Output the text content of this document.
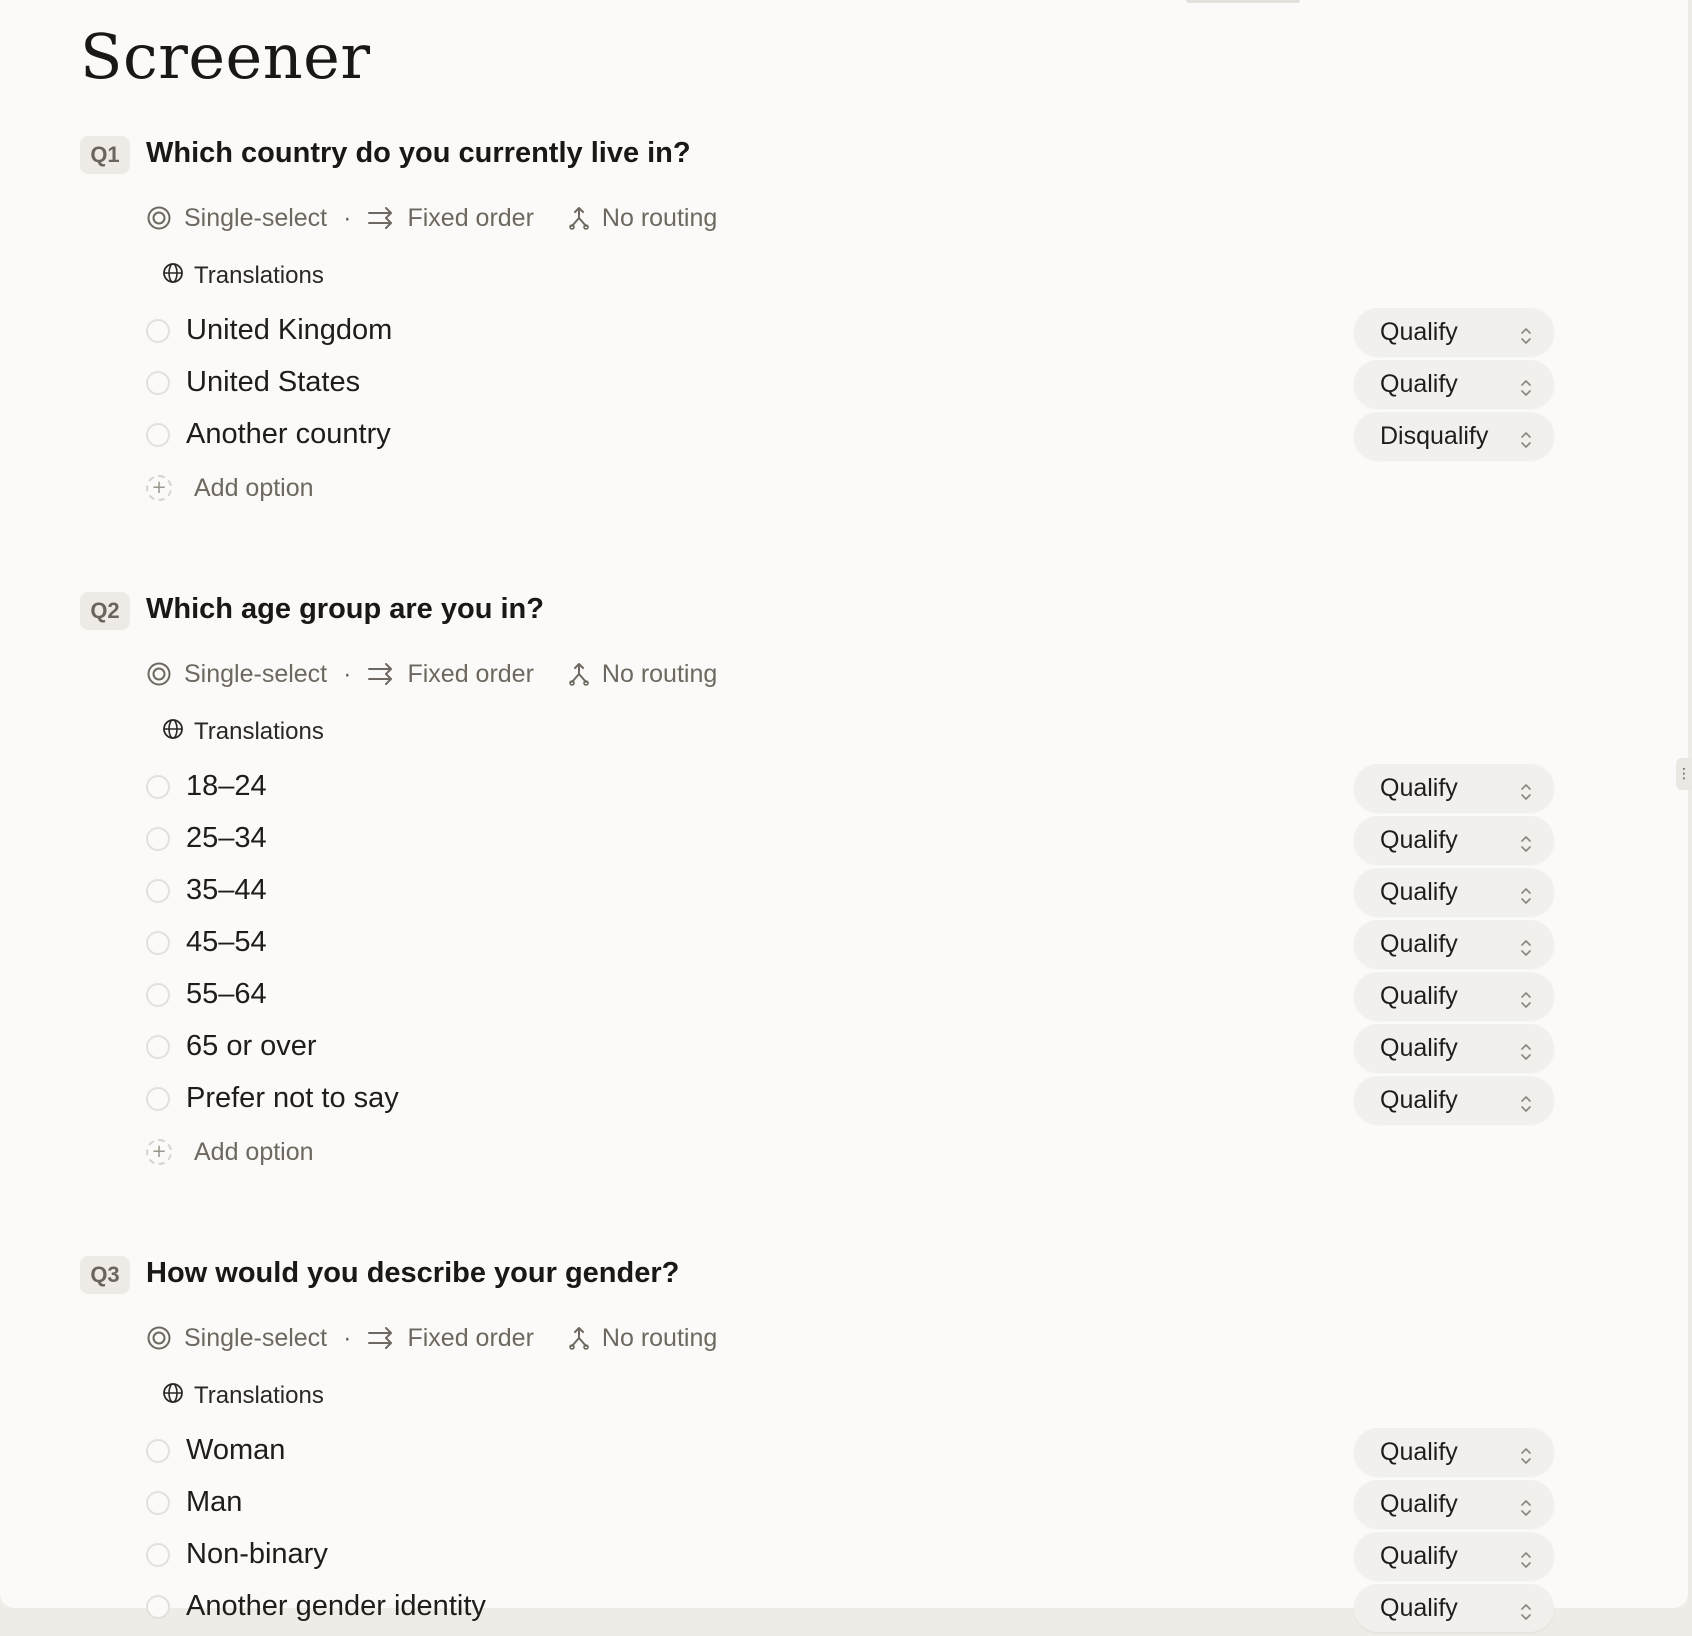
Screener
Q1 Which country do you currently live in?
Single-select · Fixed order	No routing
Translations
United Kingdom	Qualify
United States	Qualify
Another country	Disqualify
+ Add option
Q2 Which age group are you in?
Single-select · Fixed order	No routing
Translations
18–24	Qualify
25–34	Qualify
35–44	Qualify
45–54	Qualify
55–64	Qualify
65 or over	Qualify
Prefer not to say	Qualify
+ Add option
Q3 How would you describe your gender?
Single-select · Fixed order	No routing
Translations
Woman	Qualify
Man	Qualify
Non-binary	Qualify
Another gender identity	Qualify
⋮
